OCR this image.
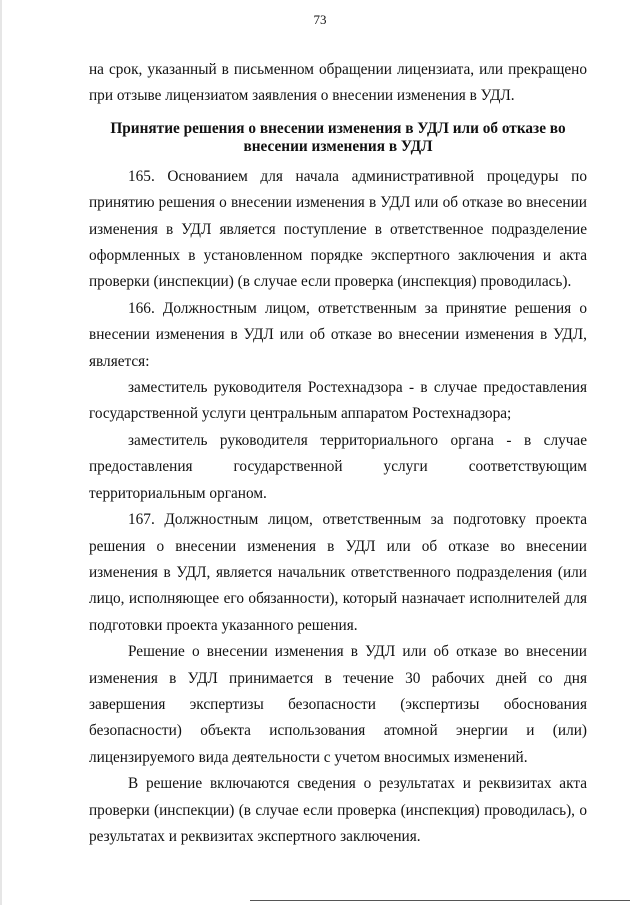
73

на срок, указанный в письменном обращении лицензиата, или прекращено при отзыве лицензиатом заявления о внесении изменения в УДЛ.

Принятие решения о внесении изменения в УДЛ или об отказе во внесении изменения в УДЛ

165. Основанием для начала административной процедуры по принятию решения о внесении изменения в УДЛ или об отказе во внесении изменения в УДЛ является поступление в ответственное подразделение оформленных в установленном порядке экспертного заключения и акта проверки (инспекции) (в случае если проверка (инспекция) проводилась).

166. Должностным лицом, ответственным за принятие решения о внесении изменения в УДЛ или об отказе во внесении изменения в УДЛ, является:

заместитель руководителя Ростехнадзора - в случае предоставления государственной услуги центральным аппаратом Ростехнадзора;

заместитель руководителя территориального органа - в случае предоставления государственной услуги соответствующим территориальным органом.

167. Должностным лицом, ответственным за подготовку проекта решения о внесении изменения в УДЛ или об отказе во внесении изменения в УДЛ, является начальник ответственного подразделения (или лицо, исполняющее его обязанности), который назначает исполнителей для подготовки проекта указанного решения.

Решение о внесении изменения в УДЛ или об отказе во внесении изменения в УДЛ принимается в течение 30 рабочих дней со дня завершения экспертизы безопасности (экспертизы обоснования безопасности) объекта использования атомной энергии и (или) лицензируемого вида деятельности с учетом вносимых изменений.

В решение включаются сведения о результатах и реквизитах акта проверки (инспекции) (в случае если проверка (инспекция) проводилась), о результатах и реквизитах экспертного заключения.
